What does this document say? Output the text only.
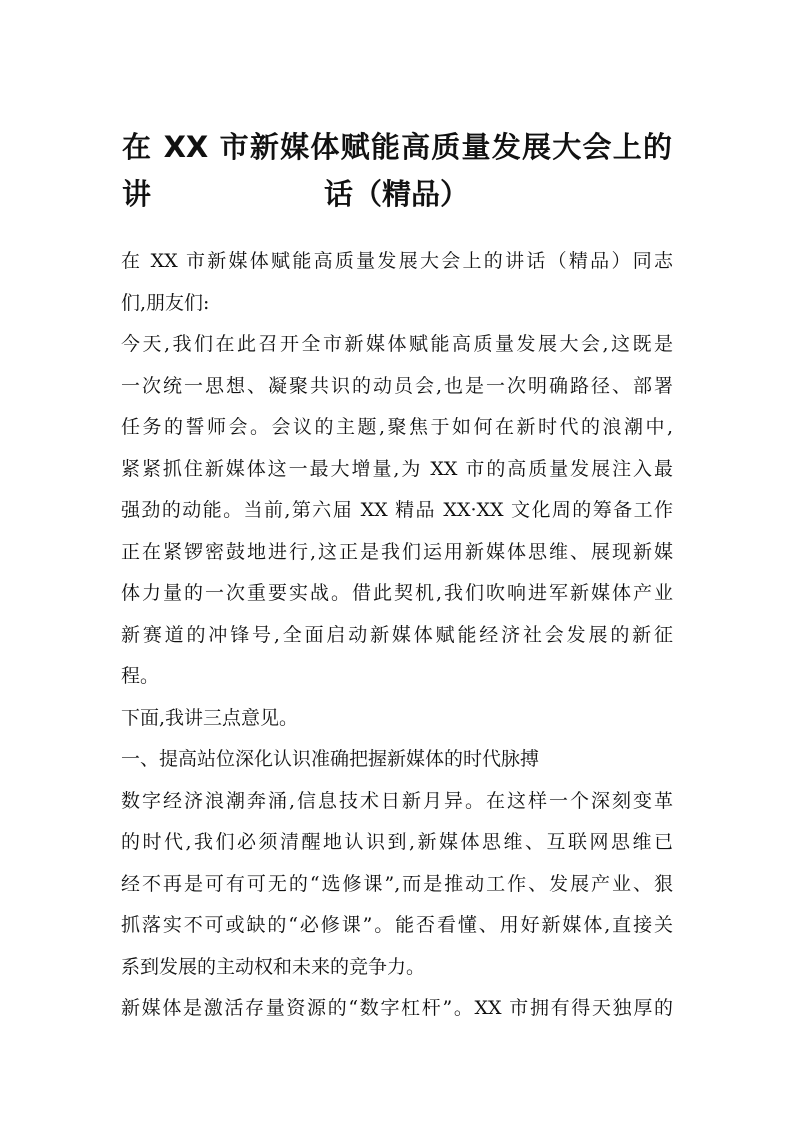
在 XX 市新媒体赋能高质量发展大会上的讲	话（精品）
在 XX 市新媒体赋能高质量发展大会上的讲话（精品）同志
们,朋友们:
今天,我们在此召开全市新媒体赋能高质量发展大会,这既是
一次统一思想、凝聚共识的动员会,也是一次明确路径、部署
任务的誓师会。会议的主题,聚焦于如何在新时代的浪潮中,
紧紧抓住新媒体这一最大增量,为 XX 市的高质量发展注入最
强劲的动能。当前,第六届 XX 精品 XX·XX 文化周的筹备工作
正在紧锣密鼓地进行,这正是我们运用新媒体思维、展现新媒
体力量的一次重要实战。借此契机,我们吹响进军新媒体产业
新赛道的冲锋号,全面启动新媒体赋能经济社会发展的新征
程。
下面,我讲三点意见。
一、提高站位深化认识准确把握新媒体的时代脉搏
数字经济浪潮奔涌,信息技术日新月异。在这样一个深刻变革
的时代,我们必须清醒地认识到,新媒体思维、互联网思维已
经不再是可有可无的“选修课”,而是推动工作、发展产业、狠
抓落实不可或缺的“必修课”。能否看懂、用好新媒体,直接关
系到发展的主动权和未来的竞争力。
新媒体是激活存量资源的“数字杠杆”。XX 市拥有得天独厚的
